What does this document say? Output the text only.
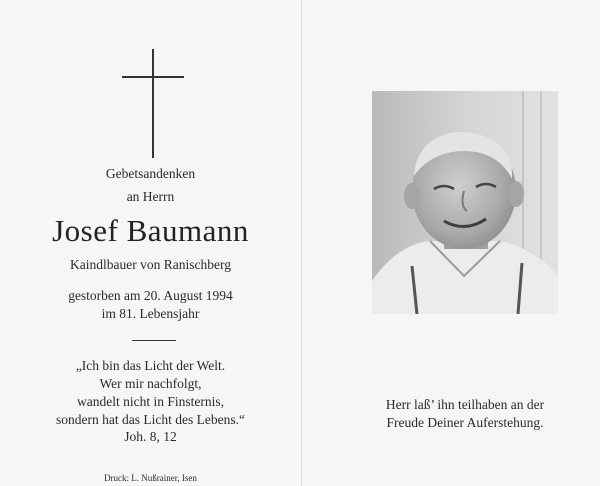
Gebetsandenken
an Herrn
Josef Baumann
Kaindlbauer von Ranischberg
gestorben am 20. August 1994
im 81. Lebensjahr
„Ich bin das Licht der Welt.
Wer mir nachfolgt,
wandelt nicht in Finsternis,
sondern hat das Licht des Lebens.“
Joh. 8, 12
Druck: L. Nußrainer, Isen
Herr laß’ ihn teilhaben an der
Freude Deiner Auferstehung.
